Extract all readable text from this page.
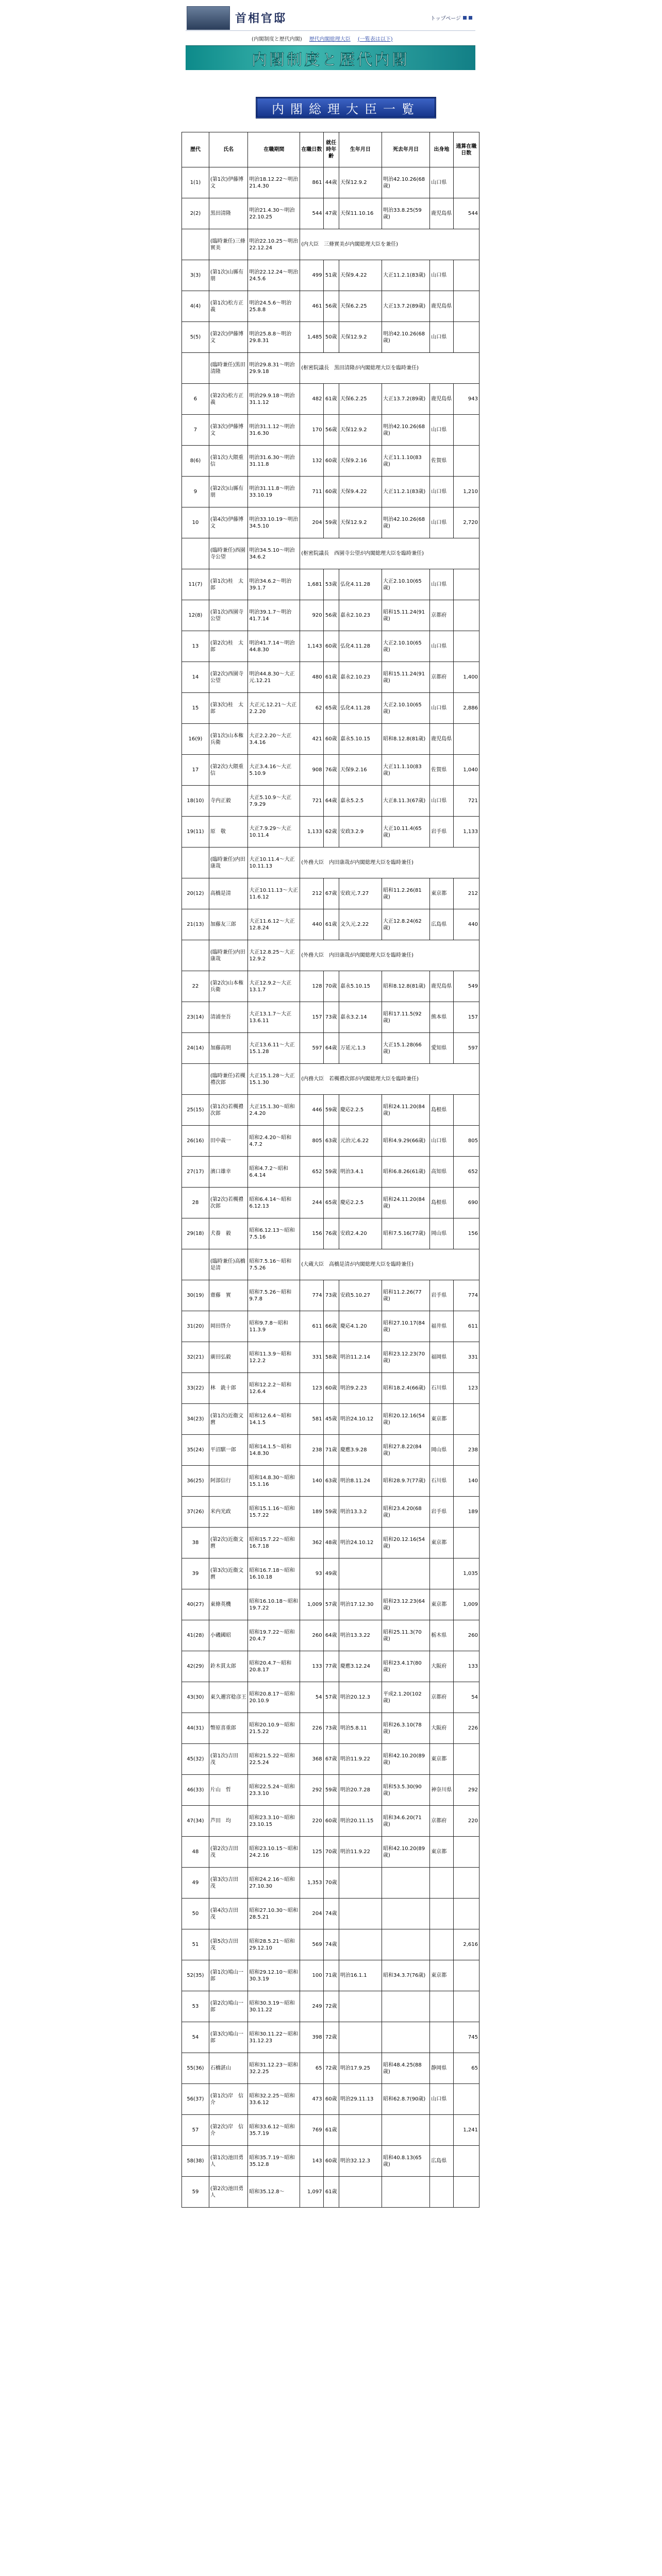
首相官邸	トップページ
(内閣制度と歴代内閣) 歴代内閣総理大臣 (一覧表は以下)
内閣制度と歴代内閣
内閣総理大臣一覧
歴代	氏名	在職期間	在職日数	就任時年齢	生年月日	死去年月日	出身地	通算在職日数
1(1)	(第1次)伊藤博文	明治18.12.22～明治21.4.30	861	44歳	天保12.9.2	明治42.10.26(68歳)	山口県	
2(2)	黒田清隆	明治21.4.30～明治22.10.25	544	47歳	天保11.10.16	明治33.8.25(59歳)	鹿児島県	544
	(臨時兼任)三條實美	明治22.10.25～明治22.12.24	(内大臣　三條實美が内閣総理大臣を兼任)					
3(3)	(第1次)山縣有朋	明治22.12.24～明治24.5.6	499	51歳	天保9.4.22	大正11.2.1(83歳)	山口県	
4(4)	(第1次)松方正義	明治24.5.6～明治25.8.8	461	56歳	天保6.2.25	大正13.7.2(89歳)	鹿児島県	
5(5)	(第2次)伊藤博文	明治25.8.8～明治29.8.31	1,485	50歳	天保12.9.2	明治42.10.26(68歳)	山口県	
	(臨時兼任)黒田清隆	明治29.8.31～明治29.9.18	(枢密院議長　黒田清隆が内閣総理大臣を臨時兼任)					
6	(第2次)松方正義	明治29.9.18～明治31.1.12	482	61歳	天保6.2.25	大正13.7.2(89歳)	鹿児島県	943
7	(第3次)伊藤博文	明治31.1.12～明治31.6.30	170	56歳	天保12.9.2	明治42.10.26(68歳)	山口県	
8(6)	(第1次)大隈重信	明治31.6.30～明治31.11.8	132	60歳	天保9.2.16	大正11.1.10(83歳)	佐賀県	
9	(第2次)山縣有朋	明治31.11.8～明治33.10.19	711	60歳	天保9.4.22	大正11.2.1(83歳)	山口県	1,210
10	(第4次)伊藤博文	明治33.10.19～明治34.5.10	204	59歳	天保12.9.2	明治42.10.26(68歳)	山口県	2,720
	(臨時兼任)西園寺公望	明治34.5.10～明治34.6.2	(枢密院議長　西園寺公望が内閣総理大臣を臨時兼任)					
11(7)	(第1次)桂　太郎	明治34.6.2～明治39.1.7	1,681	53歳	弘化4.11.28	大正2.10.10(65歳)	山口県	
12(8)	(第1次)西園寺公望	明治39.1.7～明治41.7.14	920	56歳	嘉永2.10.23	昭和15.11.24(91歳)	京都府	
13	(第2次)桂　太郎	明治41.7.14～明治44.8.30	1,143	60歳	弘化4.11.28	大正2.10.10(65歳)	山口県	
14	(第2次)西園寺公望	明治44.8.30～大正元.12.21	480	61歳	嘉永2.10.23	昭和15.11.24(91歳)	京都府	1,400
15	(第3次)桂　太郎	大正元.12.21～大正2.2.20	62	65歳	弘化4.11.28	大正2.10.10(65歳)	山口県	2,886
16(9)	(第1次)山本権兵衛	大正2.2.20～大正3.4.16	421	60歳	嘉永5.10.15	昭和8.12.8(81歳)	鹿児島県	
17	(第2次)大隈重信	大正3.4.16～大正5.10.9	908	76歳	天保9.2.16	大正11.1.10(83歳)	佐賀県	1,040
18(10)	寺内正毅	大正5.10.9～大正7.9.29	721	64歳	嘉永5.2.5	大正8.11.3(67歳)	山口県	721
19(11)	原　敬	大正7.9.29～大正10.11.4	1,133	62歳	安政3.2.9	大正10.11.4(65歳)	岩手県	1,133
	(臨時兼任)内田康哉	大正10.11.4～大正10.11.13	(外務大臣　内田康哉が内閣総理大臣を臨時兼任)					
20(12)	高橋是清	大正10.11.13～大正11.6.12	212	67歳	安政元.7.27	昭和11.2.26(81歳)	東京都	212
21(13)	加藤友三郎	大正11.6.12～大正12.8.24	440	61歳	文久元.2.22	大正12.8.24(62歳)	広島県	440
	(臨時兼任)内田康哉	大正12.8.25～大正12.9.2	(外務大臣　内田康哉が内閣総理大臣を臨時兼任)					
22	(第2次)山本権兵衛	大正12.9.2～大正13.1.7	128	70歳	嘉永5.10.15	昭和8.12.8(81歳)	鹿児島県	549
23(14)	清浦奎吾	大正13.1.7～大正13.6.11	157	73歳	嘉永3.2.14	昭和17.11.5(92歳)	熊本県	157
24(14)	加藤高明	大正13.6.11～大正15.1.28	597	64歳	万延元.1.3	大正15.1.28(66歳)	愛知県	597
	(臨時兼任)若槻禮次郎	大正15.1.28～大正15.1.30	(内務大臣　若槻禮次郎が内閣総理大臣を臨時兼任)					
25(15)	(第1次)若槻禮次郎	大正15.1.30～昭和2.4.20	446	59歳	慶応2.2.5	昭和24.11.20(84歳)	島根県	
26(16)	田中義一	昭和2.4.20～昭和4.7.2	805	63歳	元治元.6.22	昭和4.9.29(66歳)	山口県	805
27(17)	濱口雄幸	昭和4.7.2～昭和6.4.14	652	59歳	明治3.4.1	昭和6.8.26(61歳)	高知県	652
28	(第2次)若槻禮次郎	昭和6.4.14～昭和6.12.13	244	65歳	慶応2.2.5	昭和24.11.20(84歳)	島根県	690
29(18)	犬養　毅	昭和6.12.13～昭和7.5.16	156	76歳	安政2.4.20	昭和7.5.16(77歳)	岡山県	156
	(臨時兼任)高橋是清	昭和7.5.16～昭和7.5.26	(大蔵大臣　高橋是清が内閣総理大臣を臨時兼任)					
30(19)	齋藤　實	昭和7.5.26～昭和9.7.8	774	73歳	安政5.10.27	昭和11.2.26(77歳)	岩手県	774
31(20)	岡田啓介	昭和9.7.8～昭和11.3.9	611	66歳	慶応4.1.20	昭和27.10.17(84歳)	福井県	611
32(21)	廣田弘毅	昭和11.3.9～昭和12.2.2	331	58歳	明治11.2.14	昭和23.12.23(70歳)	福岡県	331
33(22)	林　銑十郎	昭和12.2.2～昭和12.6.4	123	60歳	明治9.2.23	昭和18.2.4(66歳)	石川県	123
34(23)	(第1次)近衞文麿	昭和12.6.4～昭和14.1.5	581	45歳	明治24.10.12	昭和20.12.16(54歳)	東京都	
35(24)	平沼騏一郎	昭和14.1.5～昭和14.8.30	238	71歳	慶應3.9.28	昭和27.8.22(84歳)	岡山県	238
36(25)	阿部信行	昭和14.8.30～昭和15.1.16	140	63歳	明治8.11.24	昭和28.9.7(77歳)	石川県	140
37(26)	米内光政	昭和15.1.16～昭和15.7.22	189	59歳	明治13.3.2	昭和23.4.20(68歳)	岩手県	189
38	(第2次)近衞文麿	昭和15.7.22～昭和16.7.18	362	48歳	明治24.10.12	昭和20.12.16(54歳)	東京都	
39	(第3次)近衞文麿	昭和16.7.18～昭和16.10.18	93	49歳				1,035
40(27)	東條英機	昭和16.10.18～昭和19.7.22	1,009	57歳	明治17.12.30	昭和23.12.23(64歳)	東京都	1,009
41(28)	小磯國昭	昭和19.7.22～昭和20.4.7	260	64歳	明治13.3.22	昭和25.11.3(70歳)	栃木県	260
42(29)	鈴木貫太郎	昭和20.4.7～昭和20.8.17	133	77歳	慶應3.12.24	昭和23.4.17(80歳)	大阪府	133
43(30)	東久邇宮稔彦王	昭和20.8.17～昭和20.10.9	54	57歳	明治20.12.3	平成2.1.20(102歳)	京都府	54
44(31)	幣原喜重郎	昭和20.10.9～昭和21.5.22	226	73歳	明治5.8.11	昭和26.3.10(78歳)	大阪府	226
45(32)	(第1次)吉田　茂	昭和21.5.22～昭和22.5.24	368	67歳	明治11.9.22	昭和42.10.20(89歳)	東京都	
46(33)	片山　哲	昭和22.5.24～昭和23.3.10	292	59歳	明治20.7.28	昭和53.5.30(90歳)	神奈川県	292
47(34)	芦田　均	昭和23.3.10～昭和23.10.15	220	60歳	明治20.11.15	昭和34.6.20(71歳)	京都府	220
48	(第2次)吉田　茂	昭和23.10.15～昭和24.2.16	125	70歳	明治11.9.22	昭和42.10.20(89歳)	東京都	
49	(第3次)吉田　茂	昭和24.2.16～昭和27.10.30	1,353	70歳				
50	(第4次)吉田　茂	昭和27.10.30～昭和28.5.21	204	74歳				
51	(第5次)吉田　茂	昭和28.5.21～昭和29.12.10	569	74歳				2,616
52(35)	(第1次)鳩山一郎	昭和29.12.10～昭和30.3.19	100	71歳	明治16.1.1	昭和34.3.7(76歳)	東京都	
53	(第2次)鳩山一郎	昭和30.3.19～昭和30.11.22	249	72歳				
54	(第3次)鳩山一郎	昭和30.11.22～昭和31.12.23	398	72歳				745
55(36)	石橋湛山	昭和31.12.23～昭和32.2.25	65	72歳	明治17.9.25	昭和48.4.25(88歳)	静岡県	65
56(37)	(第1次)岸　信介	昭和32.2.25～昭和33.6.12	473	60歳	明治29.11.13	昭和62.8.7(90歳)	山口県	
57	(第2次)岸　信介	昭和33.6.12～昭和35.7.19	769	61歳				1,241
58(38)	(第1次)池田勇人	昭和35.7.19～昭和35.12.8	143	60歳	明治32.12.3	昭和40.8.13(65歳)	広島県	
59	(第2次)池田勇人	昭和35.12.8～	1,097	61歳				
